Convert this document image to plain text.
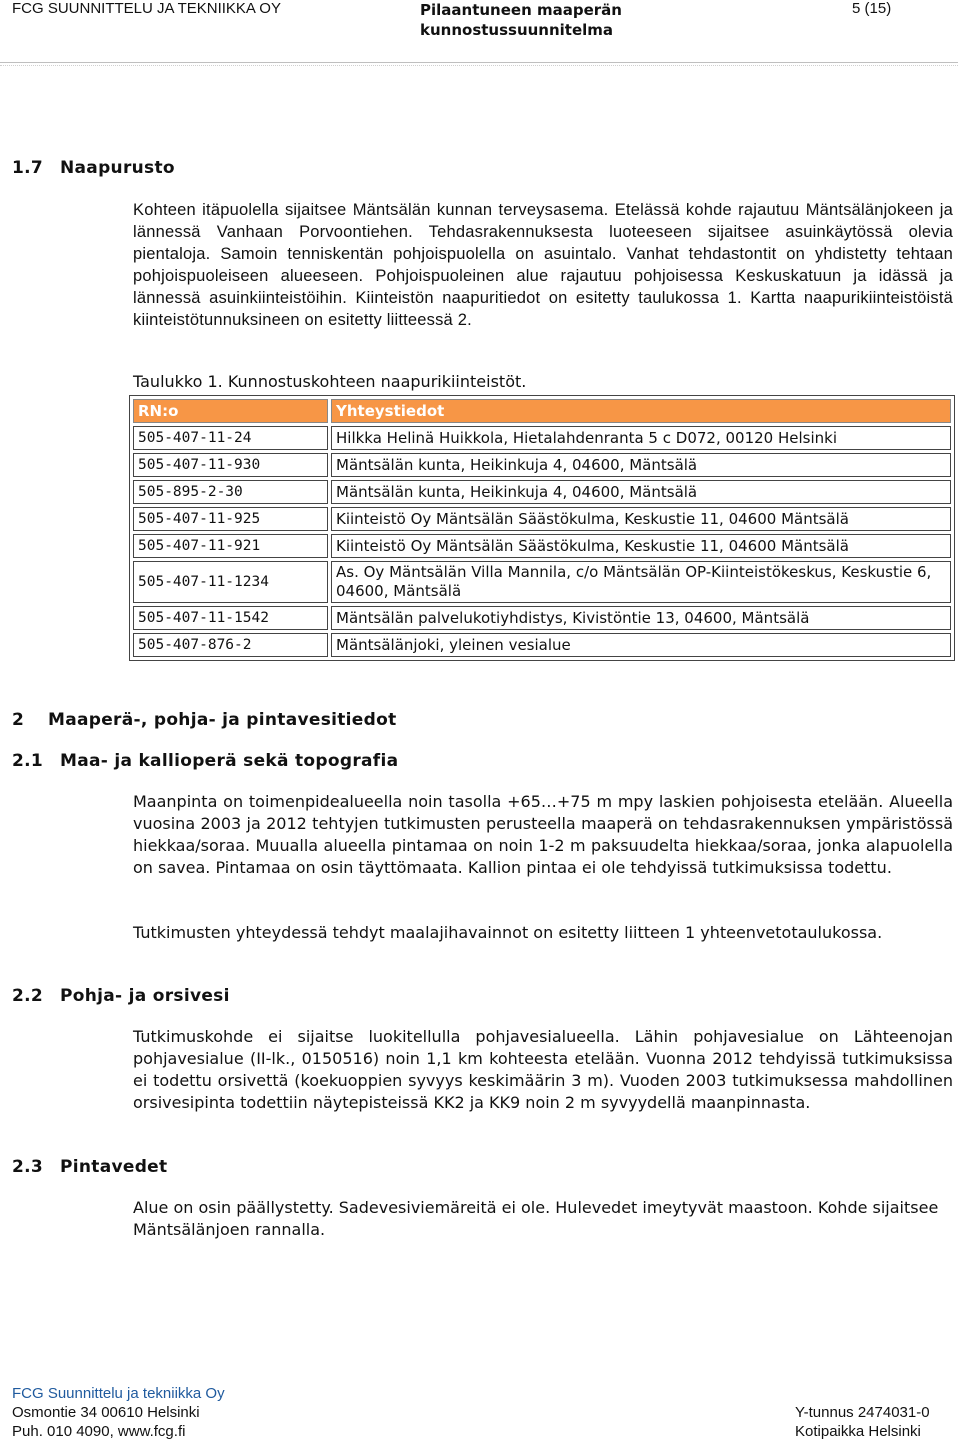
FCG SUUNNITTELU JA TEKNIIKKA OY	Pilaantuneen maaperän
kunnostussuunnitelma
5 (15)
1.7 Naapurusto

Kohteen itäpuolella sijaitsee Mäntsälän kunnan terveysasema. Etelässä kohde rajautuu Mäntsälänjokeen ja lännessä Vanhaan Porvoontiehen. Tehdasrakennuksesta luoteeseen sijaitsee asuinkäytössä olevia pientaloja. Samoin tenniskentän pohjoispuolella on asuintalo. Vanhat tehdastontit on yhdistetty tehtaan pohjoispuoleiseen alueeseen. Pohjoispuoleinen alue rajautuu pohjoisessa Keskuskatuun ja idässä ja lännessä asuinkiinteistöihin. Kiinteistön naapuritiedot on esitetty taulukossa 1. Kartta naapurikiinteistöistä kiinteistötunnuksineen on esitetty liitteessä 2.

Taulukko 1. Kunnostuskohteen naapurikiinteistöt.
RN:o	Yhteystiedot
505-407-11-24	Hilkka Helinä Huikkola, Hietalahdenranta 5 c D072, 00120 Helsinki
505-407-11-930	Mäntsälän kunta, Heikinkuja 4, 04600, Mäntsälä
505-895-2-30	Mäntsälän kunta, Heikinkuja 4, 04600, Mäntsälä
505-407-11-925	Kiinteistö Oy Mäntsälän Säästökulma, Keskustie 11, 04600 Mäntsälä
505-407-11-921	Kiinteistö Oy Mäntsälän Säästökulma, Keskustie 11, 04600 Mäntsälä
505-407-11-1234	As. Oy Mäntsälän Villa Mannila, c/o Mäntsälän OP-Kiinteistökeskus, Keskustie 6, 04600, Mäntsälä
505-407-11-1542	Mäntsälän palvelukotiyhdistys, Kivistöntie 13, 04600, Mäntsälä
505-407-876-2	Mäntsälänjoki, yleinen vesialue
2 Maaperä-, pohja- ja pintavesitiedot
2.1 Maa- ja kallioperä sekä topografia

Maanpinta on toimenpidealueella noin tasolla +65…+75 m mpy laskien pohjoisesta etelään. Alueella vuosina 2003 ja 2012 tehtyjen tutkimusten perusteella maaperä on tehdasrakennuksen ympäristössä hiekkaa/soraa. Muualla alueella pintamaa on noin 1-2 m paksuudelta hiekkaa/soraa, jonka alapuolella on savea. Pintamaa on osin täyttömaata. Kallion pintaa ei ole tehdyissä tutkimuksissa todettu.

Tutkimusten yhteydessä tehdyt maalajihavainnot on esitetty liitteen 1 yhteenvetotaulukossa.

2.2 Pohja- ja orsivesi

Tutkimuskohde ei sijaitse luokitellulla pohjavesialueella. Lähin pohjavesialue on Lähteenojan pohjavesialue (II-lk., 0150516) noin 1,1 km kohteesta etelään. Vuonna 2012 tehdyissä tutkimuksissa ei todettu orsivettä (koekuoppien syvyys keskimäärin 3 m). Vuoden 2003 tutkimuksessa mahdollinen orsivesipinta todettiin näytepisteissä KK2 ja KK9 noin 2 m syvyydellä maanpinnasta.

2.3 Pintavedet

Alue on osin päällystetty. Sadevesiviemäreitä ei ole. Hulevedet imeytyvät maastoon. Kohde sijaitsee Mäntsälänjoen rannalla.

FCG Suunnittelu ja tekniikka Oy
Osmontie 34 00610 Helsinki
Puh. 010 4090, www.fcg.fi
Y-tunnus 2474031-0
Kotipaikka Helsinki
